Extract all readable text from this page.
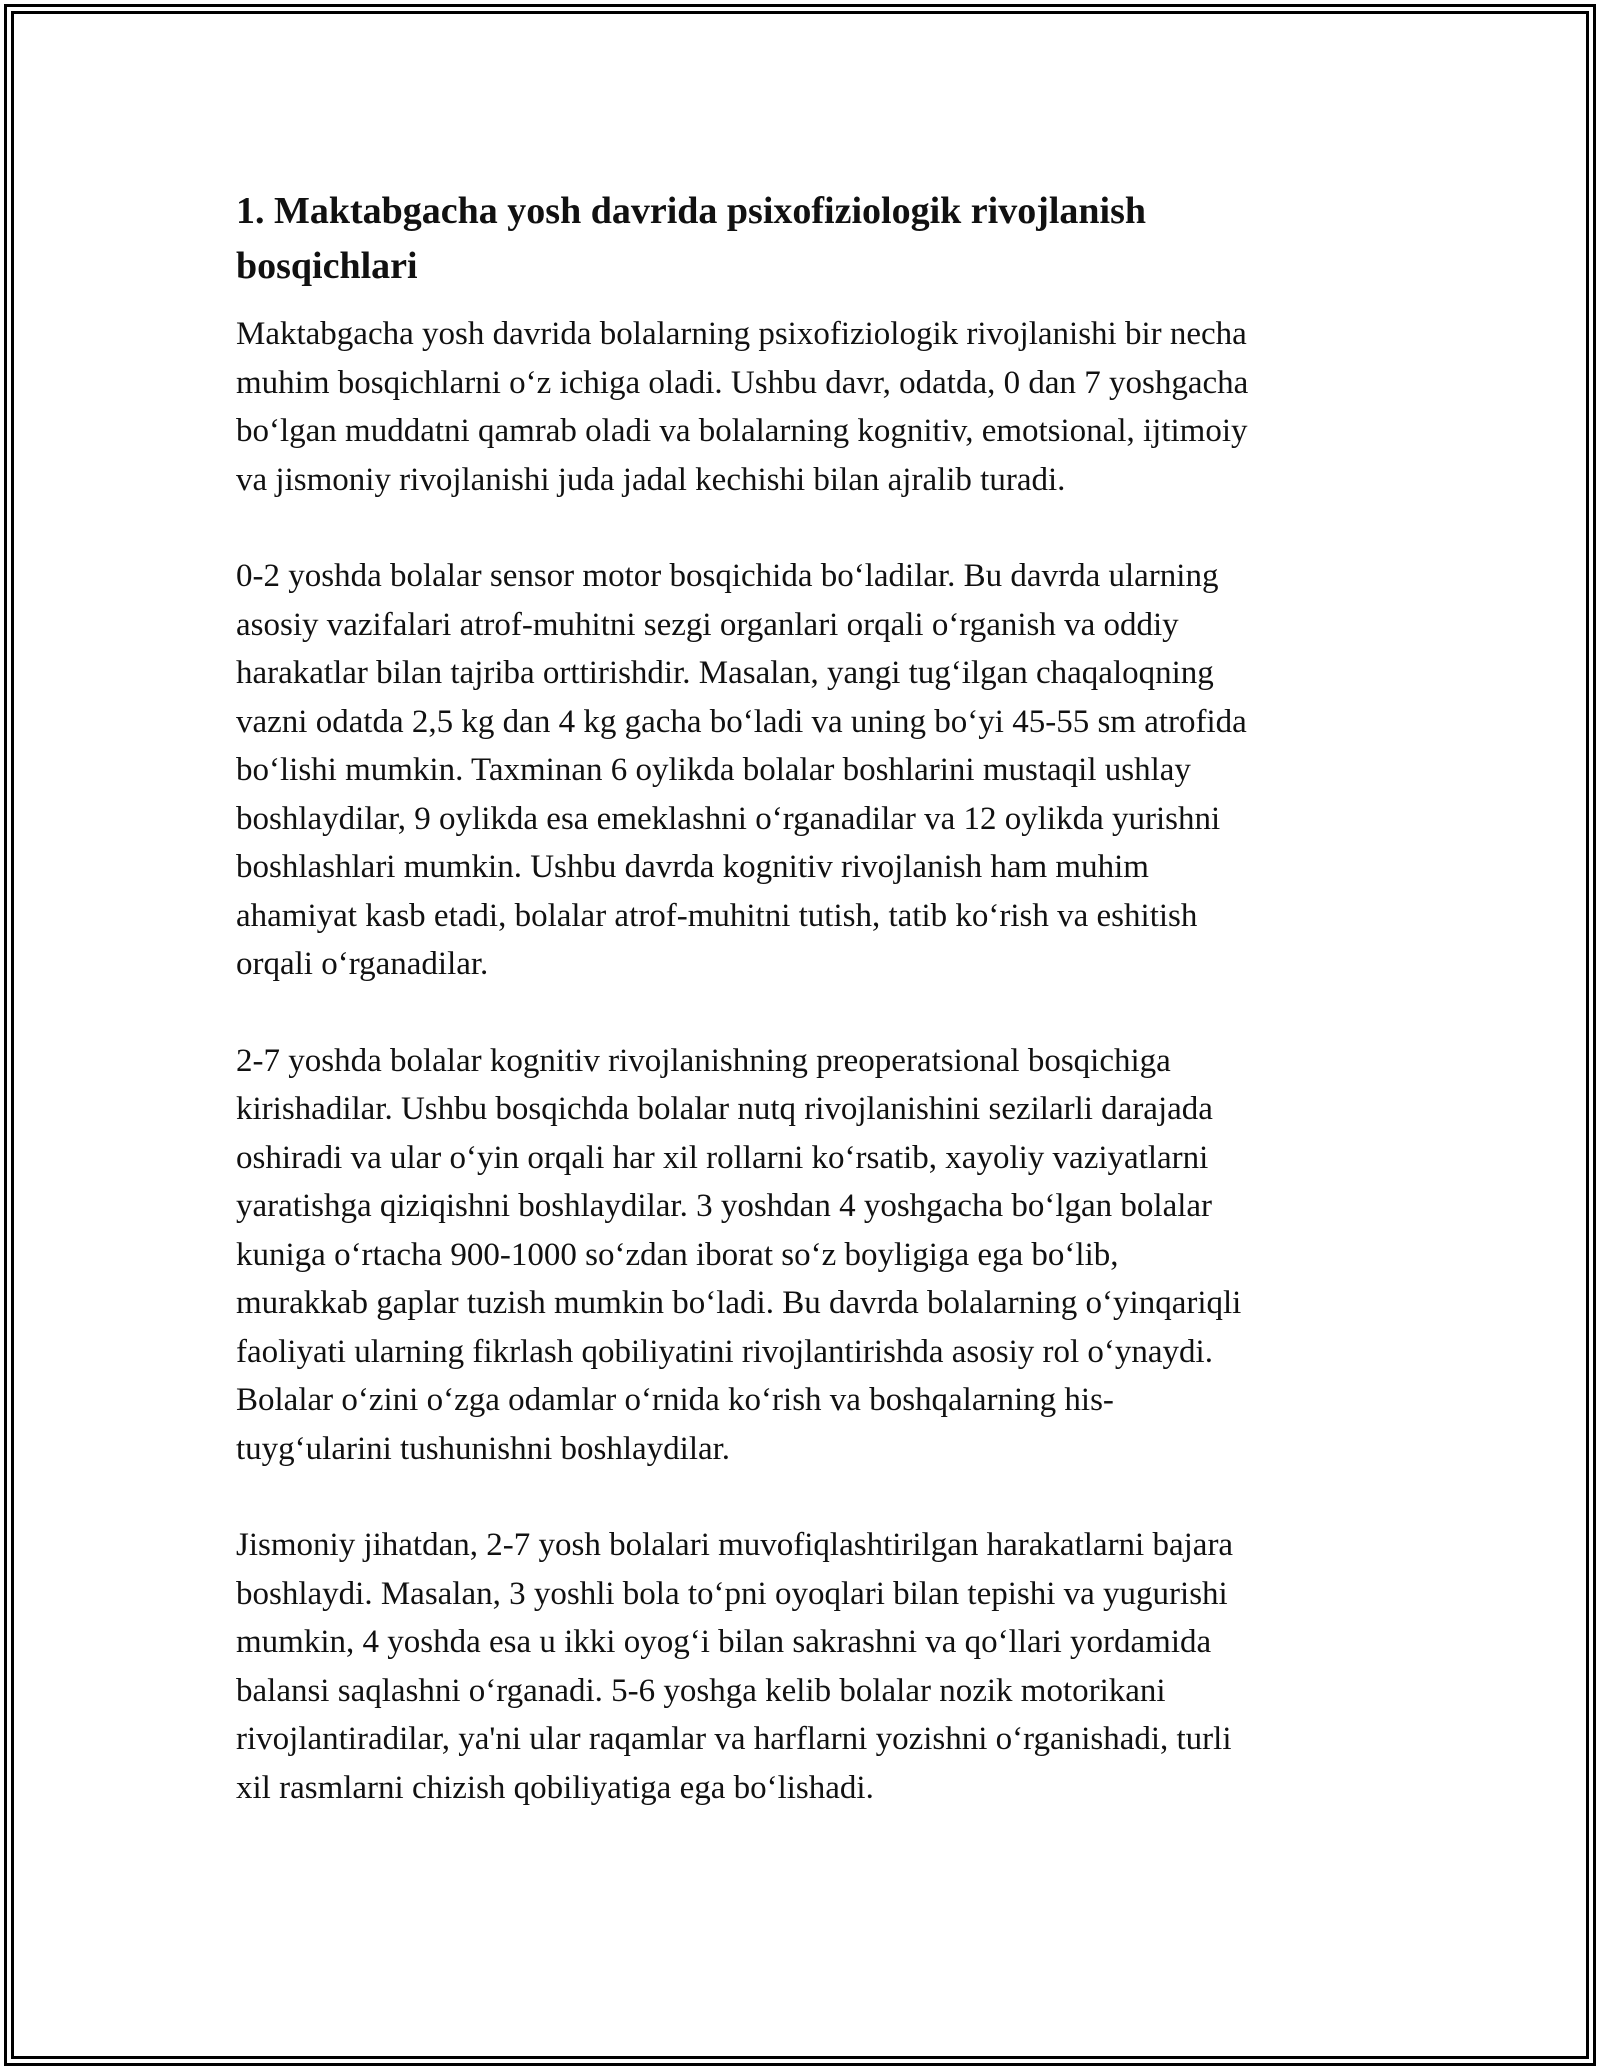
1. Maktabgacha yosh davrida psixofiziologik rivojlanish
bosqichlari

Maktabgacha yosh davrida bolalarning psixofiziologik rivojlanishi bir necha
muhim bosqichlarni o‘z ichiga oladi. Ushbu davr, odatda, 0 dan 7 yoshgacha
bo‘lgan muddatni qamrab oladi va bolalarning kognitiv, emotsional, ijtimoiy
va jismoniy rivojlanishi juda jadal kechishi bilan ajralib turadi.

0-2 yoshda bolalar sensor motor bosqichida bo‘ladilar. Bu davrda ularning
asosiy vazifalari atrof-muhitni sezgi organlari orqali o‘rganish va oddiy
harakatlar bilan tajriba orttirishdir. Masalan, yangi tug‘ilgan chaqaloqning
vazni odatda 2,5 kg dan 4 kg gacha bo‘ladi va uning bo‘yi 45-55 sm atrofida
bo‘lishi mumkin. Taxminan 6 oylikda bolalar boshlarini mustaqil ushlay
boshlaydilar, 9 oylikda esa emeklashni o‘rganadilar va 12 oylikda yurishni
boshlashlari mumkin. Ushbu davrda kognitiv rivojlanish ham muhim
ahamiyat kasb etadi, bolalar atrof-muhitni tutish, tatib ko‘rish va eshitish
orqali o‘rganadilar.

2-7 yoshda bolalar kognitiv rivojlanishning preoperatsional bosqichiga
kirishadilar. Ushbu bosqichda bolalar nutq rivojlanishini sezilarli darajada
oshiradi va ular o‘yin orqali har xil rollarni ko‘rsatib, xayoliy vaziyatlarni
yaratishga qiziqishni boshlaydilar. 3 yoshdan 4 yoshgacha bo‘lgan bolalar
kuniga o‘rtacha 900-1000 so‘zdan iborat so‘z boyligiga ega bo‘lib,
murakkab gaplar tuzish mumkin bo‘ladi. Bu davrda bolalarning o‘yinqariqli
faoliyati ularning fikrlash qobiliyatini rivojlantirishda asosiy rol o‘ynaydi.
Bolalar o‘zini o‘zga odamlar o‘rnida ko‘rish va boshqalarning his-
tuyg‘ularini tushunishni boshlaydilar.

Jismoniy jihatdan, 2-7 yosh bolalari muvofiqlashtirilgan harakatlarni bajara
boshlaydi. Masalan, 3 yoshli bola to‘pni oyoqlari bilan tepishi va yugurishi
mumkin, 4 yoshda esa u ikki oyog‘i bilan sakrashni va qo‘llari yordamida
balansi saqlashni o‘rganadi. 5-6 yoshga kelib bolalar nozik motorikani
rivojlantiradilar, ya'ni ular raqamlar va harflarni yozishni o‘rganishadi, turli
xil rasmlarni chizish qobiliyatiga ega bo‘lishadi.
